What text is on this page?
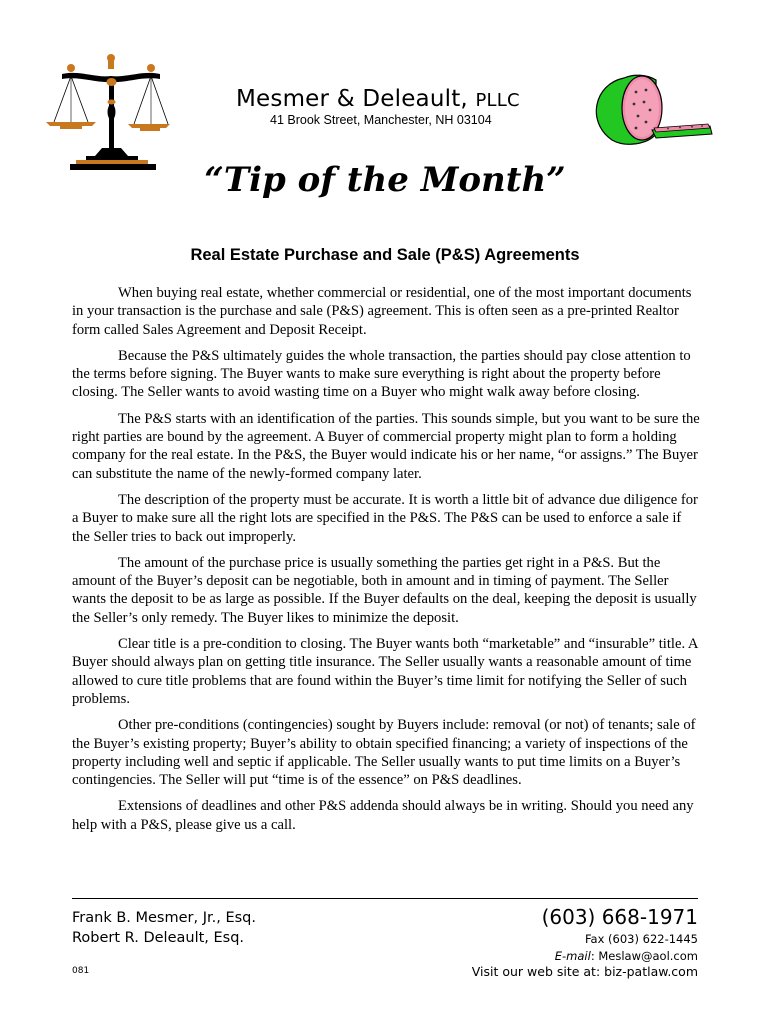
Mesmer & Deleault, PLLC
41 Brook Street, Manchester, NH 03104
“Tip of the Month”
Real Estate Purchase and Sale (P&S) Agreements

When buying real estate, whether commercial or residential, one of the most important documents in your transaction is the purchase and sale (P&S) agreement. This is often seen as a pre-printed Realtor form called Sales Agreement and Deposit Receipt.

Because the P&S ultimately guides the whole transaction, the parties should pay close attention to the terms before signing. The Buyer wants to make sure everything is right about the property before closing. The Seller wants to avoid wasting time on a Buyer who might walk away before closing.

The P&S starts with an identification of the parties. This sounds simple, but you want to be sure the right parties are bound by the agreement. A Buyer of commercial property might plan to form a holding company for the real estate. In the P&S, the Buyer would indicate his or her name, “or assigns.” The Buyer can substitute the name of the newly-formed company later.

The description of the property must be accurate. It is worth a little bit of advance due diligence for a Buyer to make sure all the right lots are specified in the P&S. The P&S can be used to enforce a sale if the Seller tries to back out improperly.

The amount of the purchase price is usually something the parties get right in a P&S. But the amount of the Buyer’s deposit can be negotiable, both in amount and in timing of payment. The Seller wants the deposit to be as large as possible. If the Buyer defaults on the deal, keeping the deposit is usually the Seller’s only remedy. The Buyer likes to minimize the deposit.

Clear title is a pre-condition to closing. The Buyer wants both “marketable” and “insurable” title. A Buyer should always plan on getting title insurance. The Seller usually wants a reasonable amount of time allowed to cure title problems that are found within the Buyer’s time limit for notifying the Seller of such problems.

Other pre-conditions (contingencies) sought by Buyers include: removal (or not) of tenants; sale of the Buyer’s existing property; Buyer’s ability to obtain specified financing; a variety of inspections of the property including well and septic if applicable. The Seller usually wants to put time limits on a Buyer’s contingencies. The Seller will put “time is of the essence” on P&S deadlines.

Extensions of deadlines and other P&S addenda should always be in writing. Should you need any help with a P&S, please give us a call.

Frank B. Mesmer, Jr., Esq.
Robert R. Deleault, Esq.
081
(603) 668-1971
Fax (603) 622-1445
E-mail: Meslaw@aol.com
Visit our web site at: biz-patlaw.com
